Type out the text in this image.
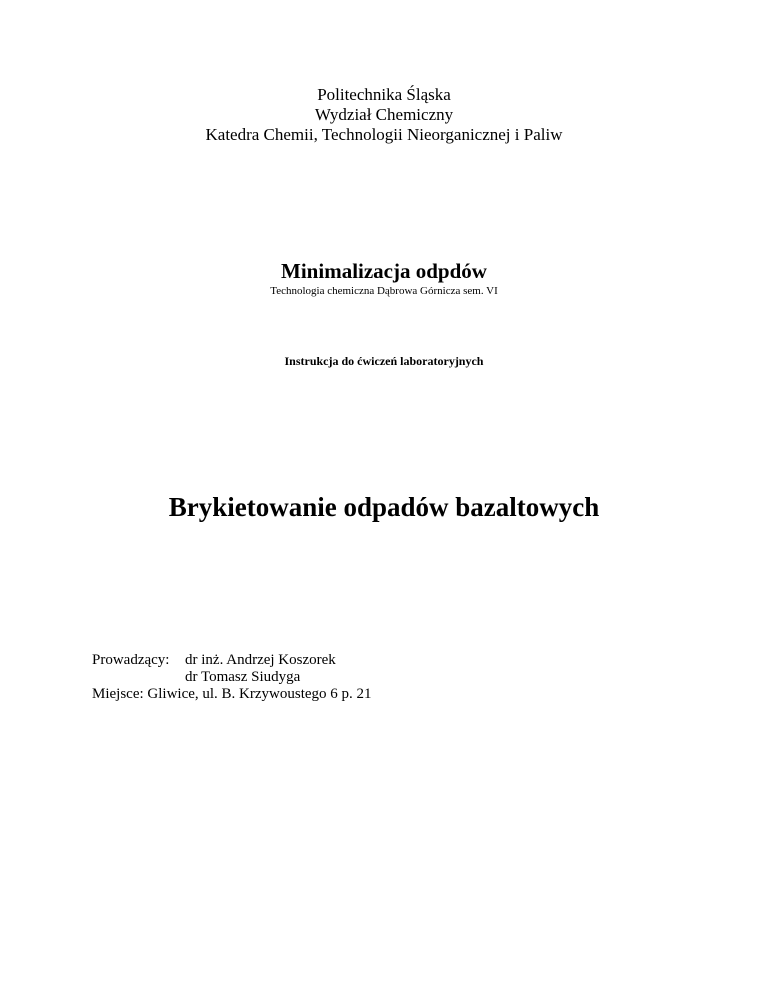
Politechnika Śląska
Wydział Chemiczny
Katedra Chemii, Technologii Nieorganicznej i Paliw
Minimalizacja odpdów
Technologia chemiczna Dąbrowa Górnicza sem. VI
Instrukcja do ćwiczeń laboratoryjnych
Brykietowanie odpadów bazaltowych
Prowadzący: dr inż. Andrzej Koszorek
dr Tomasz Siudyga
Miejsce: Gliwice, ul. B. Krzywoustego 6 p. 21
